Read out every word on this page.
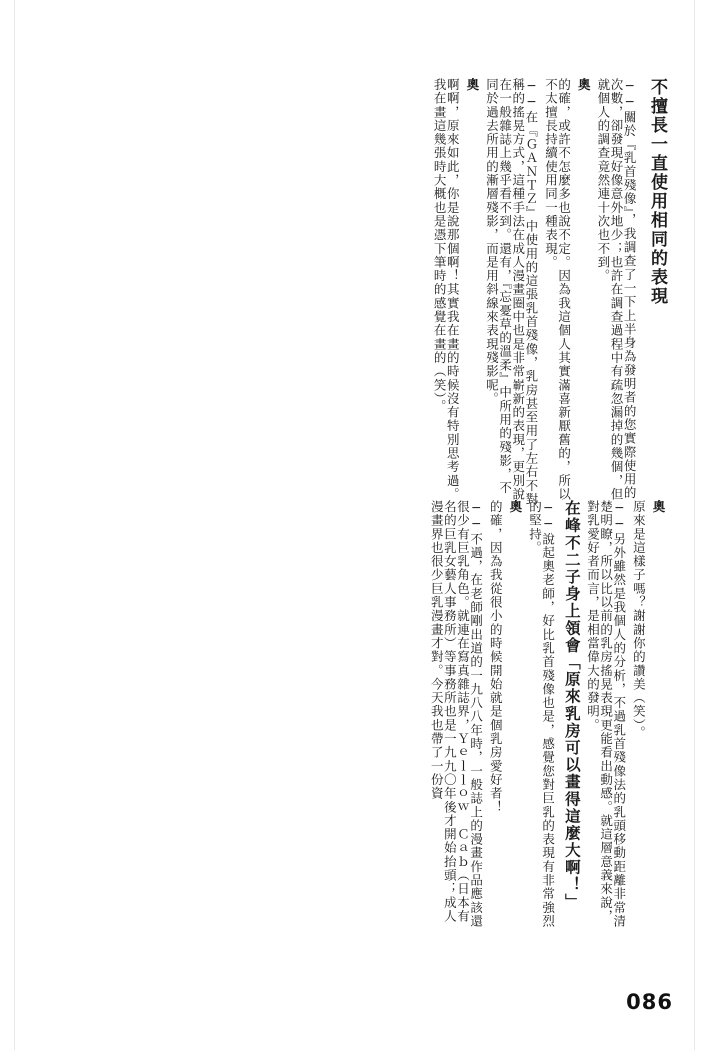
不擅長一直使用相同的表現
──關於『乳首殘像』，我調查了一下上半身為發明者的您實際使用的次數，卻發現好像意外地少；也許在調查過程中有疏忽漏掉的幾個，但就個人的調查竟然連十次也不到。
奧
的確，或許不怎麼多也說不定。因為我這個人其實滿喜新厭舊的，所以不太擅長持續使用同一種表現。
──在『ＧＡＮＴＺ』中使用的這張乳首殘像，乳房甚至用了左右不對稱的搖晃方式，這種手法在成人漫畫圈中也是非常嶄新的表現，更別說在一般雜誌上幾乎看不到。還有，『忘憂草的溫柔』中所用的殘影，不同於過去所用的漸層殘影，而是用斜線來表現殘影呢。
奧
啊啊，原來如此，你是說那個啊！其實我在畫的時候沒有特別思考過。我在畫這幾張時大概也是憑下筆時的感覺在畫的（笑）。
奧
原來是這樣子嗎？謝謝你的讚美（笑）。
──另外雖然是我個人的分析，不過乳首殘像法的乳頭移動距離非常清楚明瞭，所以比以前的乳房搖晃表現更能看出動感。就這層意義來說，對乳愛好者而言，是相當偉大的發明。
在峰不二子身上領會「原來乳房可以畫得這麼大啊！」
──說起奧老師，好比乳首殘像也是，感覺您對巨乳的表現有非常強烈的堅持。
奧
的確，因為我從很小的時候開始就是個乳房愛好者！
──不過，在老師剛出道的一九八八年時，一般誌上的漫畫作品應該還很少有巨乳角色。就連在寫真雜誌界，Ｙｅｌｌｏｗ　Ｃａｂ（日本有名的巨乳女藝人事務所）等事務所也是一九九〇年後才開始抬頭；成人漫畫界也很少巨乳漫畫才對。今天我也帶了一份資
086
